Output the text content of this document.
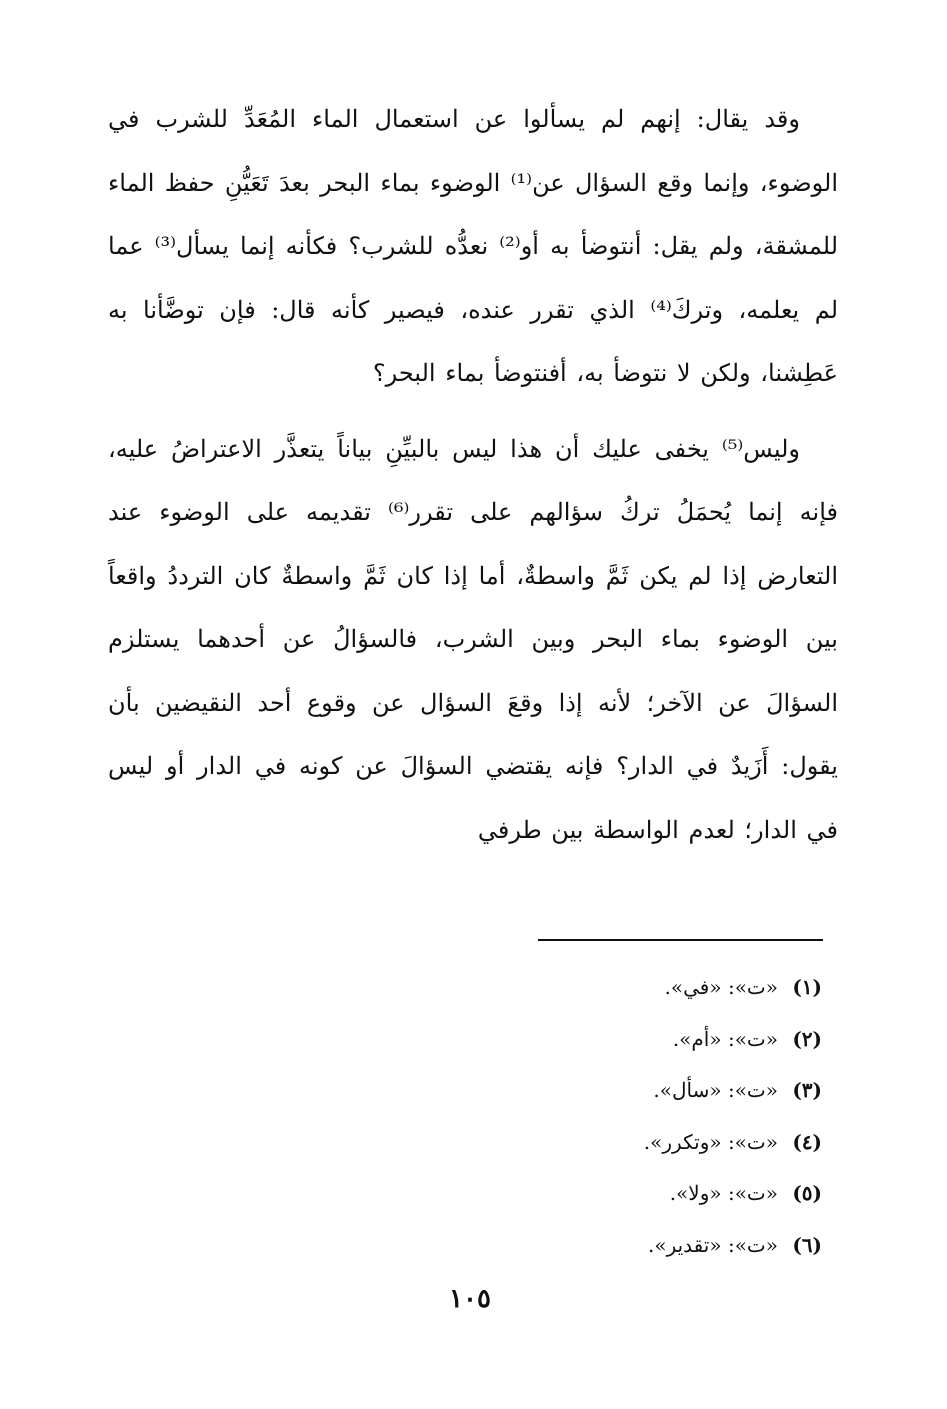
وقد يقال: إنهم لم يسألوا عن استعمال الماء المُعَدِّ للشرب في الوضوء، وإنما وقع السؤال عن⁽¹⁾ الوضوء بماء البحر بعدَ تَعَيُّنِ حفظ الماء للمشقة، ولم يقل: أنتوضأ به أو⁽²⁾ نعدُّه للشرب؟ فكأنه إنما يسأل⁽³⁾ عما لم يعلمه، وتركَ⁽⁴⁾ الذي تقرر عنده، فيصير كأنه قال: فإن توضَّأنا به عَطِشنا، ولكن لا نتوضأ به، أفنتوضأ بماء البحر؟

وليس⁽⁵⁾ يخفى عليك أن هذا ليس بالبيِّنِ بياناً يتعذَّر الاعتراضُ عليه، فإنه إنما يُحمَلُ تركُ سؤالهم على تقرر⁽⁶⁾ تقديمه على الوضوء عند التعارض إذا لم يكن ثَمَّ واسطةٌ، أما إذا كان ثَمَّ واسطةٌ كان الترددُ واقعاً بين الوضوء بماء البحر وبين الشرب، فالسؤالُ عن أحدهما يستلزم السؤالَ عن الآخر؛ لأنه إذا وقعَ السؤال عن وقوع أحد النقيضين بأن يقول: أَزَيدٌ في الدار؟ فإنه يقتضي السؤالَ عن كونه في الدار أو ليس في الدار؛ لعدم الواسطة بين طرفي

(١)«ت»: «في».
(٢)«ت»: «أم».
(٣)«ت»: «سأل».
(٤)«ت»: «وتكرر».
(٥)«ت»: «ولا».
(٦)«ت»: «تقدير».
١٠٥
